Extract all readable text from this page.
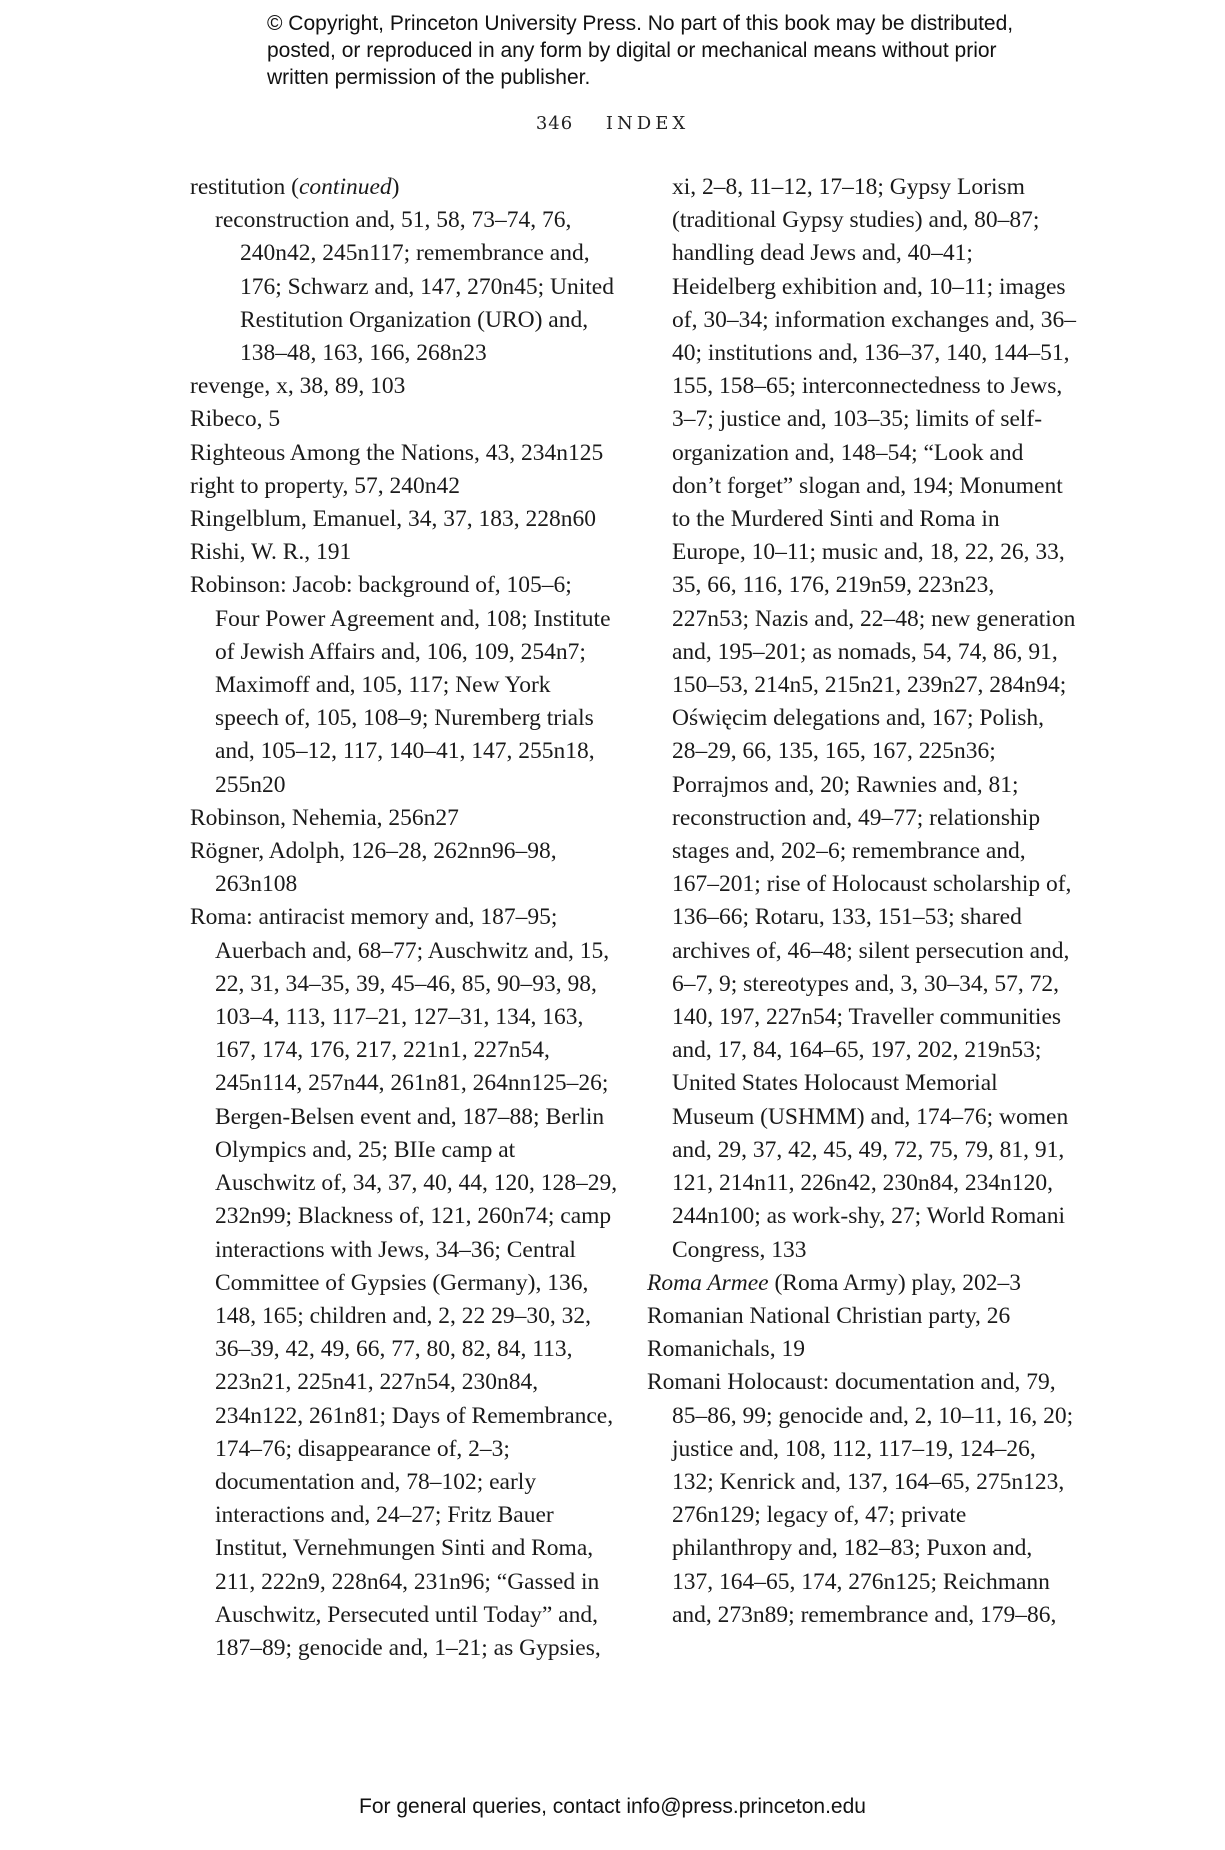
© Copyright, Princeton University Press. No part of this book may be distributed, posted, or reproduced in any form by digital or mechanical means without prior written permission of the publisher.
346 INDEX
restitution (continued)
reconstruction and, 51, 58, 73–74, 76, 240n42, 245n117; remembrance and, 176; Schwarz and, 147, 270n45; United Restitution Organization (URO) and, 138–48, 163, 166, 268n23
revenge, x, 38, 89, 103
Ribeco, 5
Righteous Among the Nations, 43, 234n125
right to property, 57, 240n42
Ringelblum, Emanuel, 34, 37, 183, 228n60
Rishi, W. R., 191
Robinson: Jacob: background of, 105–6; Four Power Agreement and, 108; Institute of Jewish Affairs and, 106, 109, 254n7; Maximoff and, 105, 117; New York speech of, 105, 108–9; Nuremberg trials and, 105–12, 117, 140–41, 147, 255n18, 255n20
Robinson, Nehemia, 256n27
Rögner, Adolph, 126–28, 262nn96–98, 263n108
Roma: antiracist memory and, 187–95; Auerbach and, 68–77; Auschwitz and, 15, 22, 31, 34–35, 39, 45–46, 85, 90–93, 98, 103–4, 113, 117–21, 127–31, 134, 163, 167, 174, 176, 217, 221n1, 227n54, 245n114, 257n44, 261n81, 264nn125–26; Bergen-Belsen event and, 187–88; Berlin Olympics and, 25; BIIe camp at Auschwitz of, 34, 37, 40, 44, 120, 128–29, 232n99; Blackness of, 121, 260n74; camp interactions with Jews, 34–36; Central Committee of Gypsies (Germany), 136, 148, 165; children and, 2, 22 29–30, 32, 36–39, 42, 49, 66, 77, 80, 82, 84, 113, 223n21, 225n41, 227n54, 230n84, 234n122, 261n81; Days of Remembrance, 174–76; disappearance of, 2–3; documentation and, 78–102; early interactions and, 24–27; Fritz Bauer Institut, Vernehmungen Sinti and Roma, 211, 222n9, 228n64, 231n96; “Gassed in Auschwitz, Persecuted until Today” and, 187–89; genocide and, 1–21; as Gypsies,
xi, 2–8, 11–12, 17–18; Gypsy Lorism (traditional Gypsy studies) and, 80–87; handling dead Jews and, 40–41; Heidelberg exhibition and, 10–11; images of, 30–34; information exchanges and, 36–40; institutions and, 136–37, 140, 144–51, 155, 158–65; interconnectedness to Jews, 3–7; justice and, 103–35; limits of self-organization and, 148–54; “Look and don’t forget” slogan and, 194; Monument to the Murdered Sinti and Roma in Europe, 10–11; music and, 18, 22, 26, 33, 35, 66, 116, 176, 219n59, 223n23, 227n53; Nazis and, 22–48; new generation and, 195–201; as nomads, 54, 74, 86, 91, 150–53, 214n5, 215n21, 239n27, 284n94; Oświęcim delegations and, 167; Polish, 28–29, 66, 135, 165, 167, 225n36; Porrajmos and, 20; Rawnies and, 81; reconstruction and, 49–77; relationship stages and, 202–6; remembrance and, 167–201; rise of Holocaust scholarship of, 136–66; Rotaru, 133, 151–53; shared archives of, 46–48; silent persecution and, 6–7, 9; stereotypes and, 3, 30–34, 57, 72, 140, 197, 227n54; Traveller communities and, 17, 84, 164–65, 197, 202, 219n53; United States Holocaust Memorial Museum (USHMM) and, 174–76; women and, 29, 37, 42, 45, 49, 72, 75, 79, 81, 91, 121, 214n11, 226n42, 230n84, 234n120, 244n100; as work-shy, 27; World Romani Congress, 133
Roma Armee (Roma Army) play, 202–3
Romanian National Christian party, 26
Romanichals, 19
Romani Holocaust: documentation and, 79, 85–86, 99; genocide and, 2, 10–11, 16, 20; justice and, 108, 112, 117–19, 124–26, 132; Kenrick and, 137, 164–65, 275n123, 276n129; legacy of, 47; private philanthropy and, 182–83; Puxon and, 137, 164–65, 174, 276n125; Reichmann and, 273n89; remembrance and, 179–86,
For general queries, contact info@press.princeton.edu
